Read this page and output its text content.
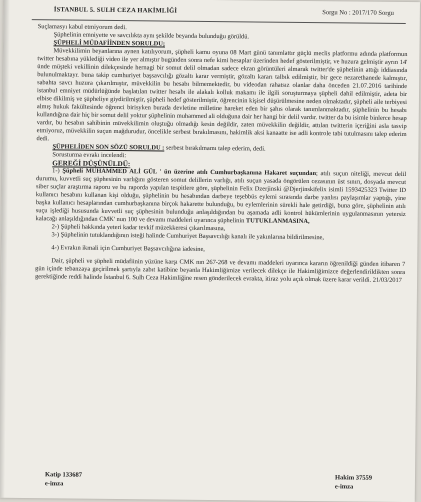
İSTANBUL 5. SULH CEZA HAKİMLİĞİ	Sorgu No : 2017/170 Sorgu

Suçlamasyı kabul etmiyorum dedi.

Şüphelinin emniyette ve savcılıkta aynı şekilde beyanda bulunduğu görüldü.

ŞÜPHELİ MÜDAFİİNDEN SORULDU;

Müvekkilimin beyanlarına aynen katılıyorum, şüpheli kamu oyuna 08 Mart günü tanımlattır güçlü meclis platformu adında platformun twitter hesabına yüklediği video ile yer almıştır bugünden sonra nefe kimi hesaplar üzerinden hedef gösterilmiştir, ve huzura gelmiştir ayrın 14' ünde müşteki vekillinin dilekçesinde hernagi bir somut delil olmadan sadece ekran görüntüleri almarak twitter'de şüphelinin attığı iddiasında bulunulmaktayr. buna takip cumhuriyet başsavcılığı gözaltı karar vermiştir, gözaltı kararı talbık edilmiştir, bir gece nezarethanede kalmıştır, sabahta savcı huzura çıkarılmıştır, müvekkilin bu hesabı bilmemektedir, bu videodan rahatsız olanlar daha önceden 21.07.2016 tarihinde istanbul emniyet müdürlüğünde başlatılan twitter hesabı ile alakalı kolluk makamı ile ilgili soruşturmaya şüpheli dahil edilmiştir, adeta bir elbise dikilmiş ve şüpheliye giydirilmiştir, şüpheli hedef gösterilmiştir, öğrencinin kişisel düşürülmesine neden olmaktadır, şüpheli aile terbiyesi almış hukuk fakültesinde öğrenci birisyken burada devletine milletine hareket eden bir şahıs olarak tanımlanmaktadır, şüphelinin bu hesabı kullandığına dair hiç bir somut delil yoktur şüphelinin muhammed ali olduğuna dair her hangi bir delil vardır. twitter da bu isimle binlerce hesap vardır, bu hesabın sahibinin müvekkilimin oluştuğu olmadığı kesin değildir, zaten müvekkilin değildir, attılan twitterin içeriğini asla tasvip etmiyoruz, müvekkilin suçun mağdurudur, öncelikle serbest bırakılmasını, hakimlik aksi kanaatte ise adli kontrole tabi tutulmasını talep ederim dedi.

ŞÜPHELİDEN SON SÖZÜ SORULDU : serbest bırakılmamı talep ederim, dedi.

Sorusturma evrakı incelendi:

GEREĞİ DÜŞÜNÜLDÜ:

1-) Şüpheli MUHAMMED ALİ GÜL ' ün üzerine atılı Cumhurbaşkanına Hakaret suçundan; atılı suçun niteliği, mevcut delil durumu, kuvvetli suç şüphesinin varlığını gösteren somut delillerin varlığı, atılı suçun yasada öngörülen cezasının üst sınırı, dosyada mevcut siber suçlar araştırma raporu ve bu raporda yapılan tespitlere göre, şüphelinin Felix Dzerjinski @Djerjinskifelix isimli 1593425323 Twitter ID kullanıcı hesabını kullanan kişi olduğu, şüphelinin bu hesabından darbeye teşebbüs eylemi sırasında darbe yanlısı paylaşımlar yaptığı, yine başka kullanıcı hesaplarından cumhurbaşkanına birçok hakarette bulunduğu, bu eylemlerinin sürekli hale getirdiği, buna göre, şüphelinin atılı suçu işlediği hususunda kuvvetli suç şüphesinin bulunduğu anlaşıldığından bu aşamada adli kontrol hükümlerinin uygulanmasının yetersiz kalacağı anlaşıldığından CMK' nun 100 ve devamı maddeleri uyarınca şüphelinin TUTUKLANMASINA,

2-) Şüpheli hakkında yeteri kadar tevkif müzekkeresi çıkarılmasına,

3-) Şüphelinin tutuklandığının isteği halinde Cumhuriyet Başsavcılığı kanalı ile yakınlarına bildirilmesine,

4-) Evrakın ikmali için Cumhuriyet Başsavcılığına iadesine,

Dair, şüpheli ve şüpheli müdafiinin yüzüne karşı CMK nın 267-268 ve devamı maddeleri uyarınca kararın öğrenildiği günden itibaren 7 gün içinde tebanzaya geçirilmek şartıyla zabıt katibine beyanla Hakimliğimize verilecek dilekçe ile Hakimliğimizce değerlendirildikten sonra gerektiğinde reddi halinde İstanbul 6. Sulh Ceza Hakimliğine resen gönderilecek evrakta, itiraz yolu açık olmak üzere karar verildi. 21/03/2017

Katip 133687
e-imza
Hakim 37559
e-imza
